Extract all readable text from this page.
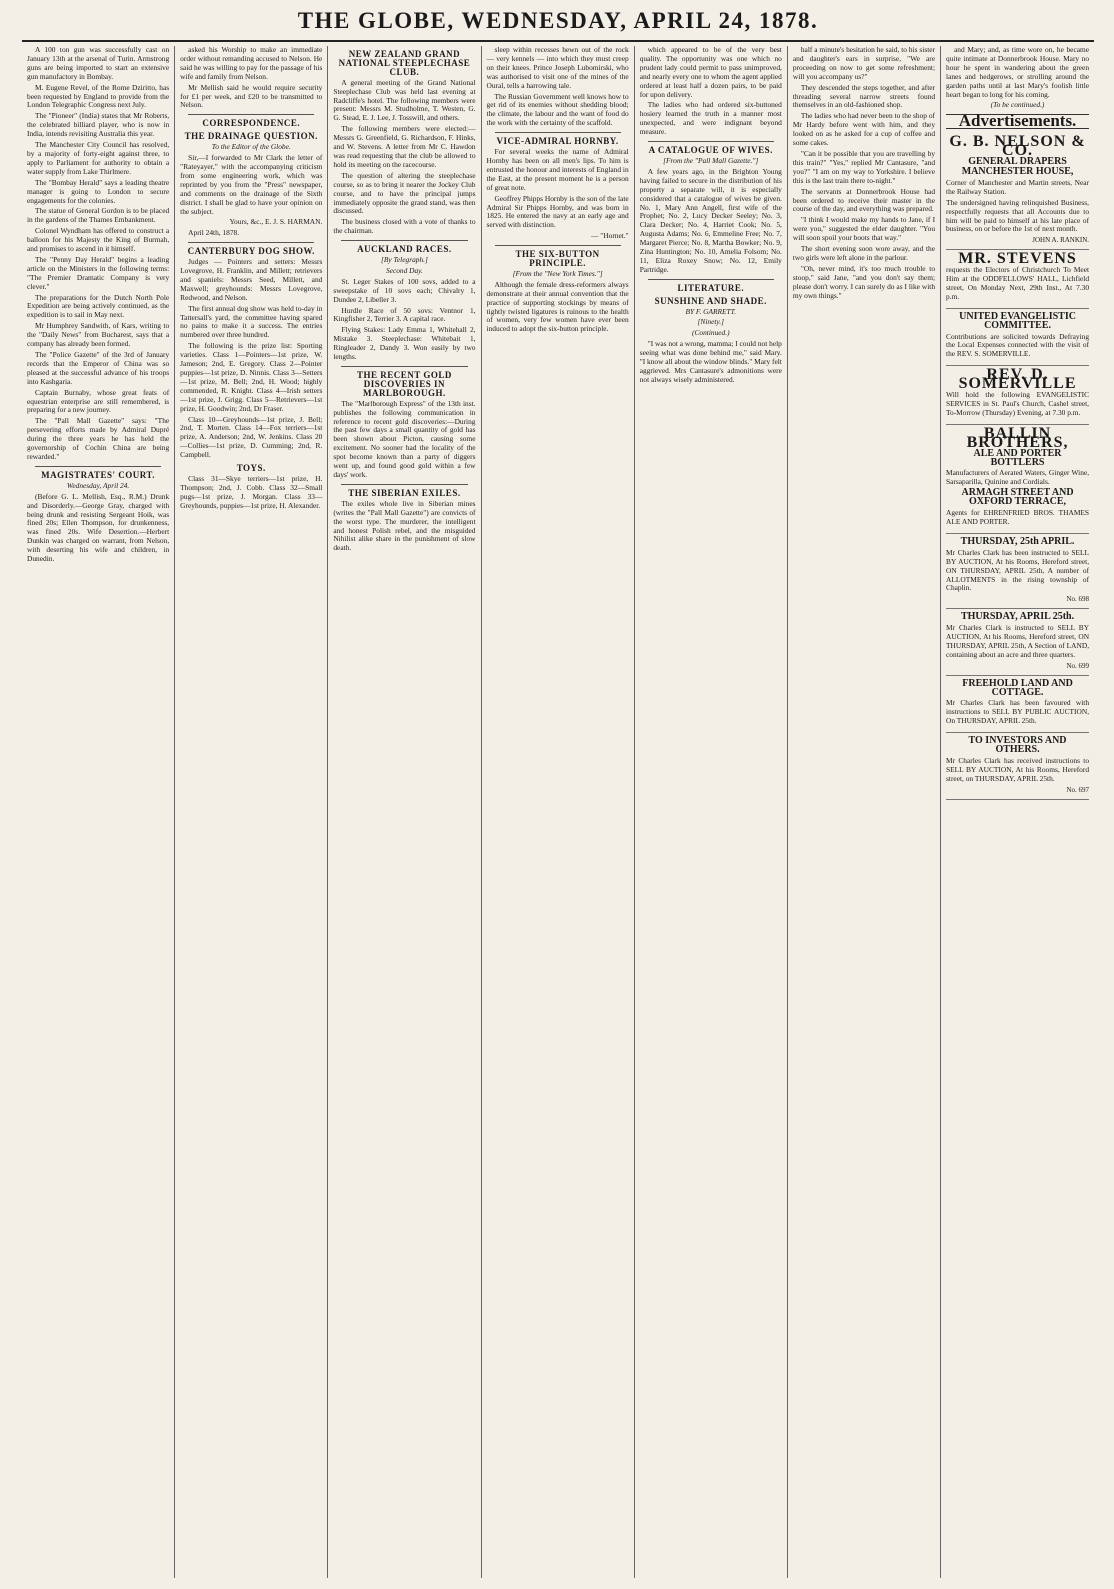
THE GLOBE, WEDNESDAY, APRIL 24, 1878.

A 100 ton gun was successfully cast on January 13th at the arsenal of Turin. Armstrong guns are being imported to start an extensive gun manufactory in Bombay.

M. Eugene Revel, of the Rome Dziritto, has been requested by England to provide from the London Telegraphic Congress next July.

The "Pioneer" (India) states that Mr Roberts, the celebrated billiard player, who is now in India, intends revisiting Australia this year.

The Manchester City Council has resolved, by a majority of forty-eight against three, to apply to Parliament for authority to obtain a water supply from Lake Thirlmere.

The "Bombay Herald" says a leading theatre manager is going to London to secure engagements for the colonies.

The statue of General Gordon is to be placed in the gardens of the Thames Embankment.

Colonel Wyndham has offered to construct a balloon for his Majesty the King of Burmah, and promises to ascend in it himself.

The "Penny Day Herald" begins a leading article on the Ministers in the following terms: "The Premier Dramatic Company is very clever."

The preparations for the Dutch North Pole Expedition are being actively continued, as the expedition is to sail in May next.

Mr Humphrey Sandwith, of Kars, writing to the "Daily News" from Bucharest, says that a company has already been formed.

The "Police Gazette" of the 3rd of January records that the Emperor of China was so pleased at the successful advance of his troops into Kashgaria.

Captain Burnaby, whose great feats of equestrian enterprise are still remembered, is preparing for a new journey.

The "Pall Mall Gazette" says: "The persevering efforts made by Admiral Dupré during the three years he has held the governorship of Cochin China are being rewarded."

MAGISTRATES' COURT.
Wednesday, April 24.

(Before G. L. Mellish, Esq., R.M.) Drunk and Disorderly.—George Gray, charged with being drunk and resisting Sergeant Hoik, was fined 20s; Ellen Thompson, for drunkenness, was fined 20s. Wife Desertion.—Herbert Dunkin was charged on warrant, from Nelson, with deserting his wife and children, in Dunedin.

asked his Worship to make an immediate order without remanding accused to Nelson. He said he was willing to pay for the passage of his wife and family from Nelson.

Mr Mellish said he would require security for £1 per week, and £20 to be transmitted to Nelson.

CORRESPONDENCE.
THE DRAINAGE QUESTION.
To the Editor of the Globe.

Sir,—I forwarded to Mr Clark the letter of "Rateyayer," with the accompanying criticism from some engineering work, which was reprinted by you from the "Press" newspaper, and comments on the drainage of the Sixth district. I shall be glad to have your opinion on the subject.

Yours, &c., E. J. S. HARMAN.

April 24th, 1878.

CANTERBURY DOG SHOW.

Judges — Pointers and setters: Messrs Lovegrove, H. Franklin, and Millett; retrievers and spaniels: Messrs Seed, Millett, and Maxwell; greyhounds: Messrs Lovegrove, Redwood, and Nelson.

The first annual dog show was held to-day in Tattersall's yard, the committee having spared no pains to make it a success. The entries numbered over three hundred.

The following is the prize list: Sporting varieties. Class 1—Pointers—1st prize, W. Jameson; 2nd, E. Gregory. Class 2—Pointer puppies—1st prize, D. Ninnis. Class 3—Setters—1st prize, M. Bell; 2nd, H. Wood; highly commended, R. Knight. Class 4—Irish setters—1st prize, J. Grigg. Class 5—Retrievers—1st prize, H. Goodwin; 2nd, Dr Fraser.

Class 10—Greyhounds—1st prize, J. Bell; 2nd, T. Morten. Class 14—Fox terriers—1st prize, A. Anderson; 2nd, W. Jenkins. Class 20—Collies—1st prize, D. Cumming; 2nd, R. Campbell.

TOYS.

Class 31—Skye terriers—1st prize, H. Thompson; 2nd, J. Cobb. Class 32—Small pugs—1st prize, J. Morgan. Class 33—Greyhounds, puppies—1st prize, H. Alexander.

NEW ZEALAND GRAND NATIONAL STEEPLECHASE CLUB.

A general meeting of the Grand National Steeplechase Club was held last evening at Radcliffe's hotel. The following members were present: Messrs M. Studholme, T. Westen, G. G. Stead, E. J. Lee, J. Tosswill, and others.

The following members were elected:—Messrs G. Greenfield, G. Richardson, F. Hinks, and W. Stevens. A letter from Mr C. Hawdon was read requesting that the club be allowed to hold its meeting on the racecourse.

The question of altering the steeplechase course, so as to bring it nearer the Jockey Club course, and to have the principal jumps immediately opposite the grand stand, was then discussed.

The business closed with a vote of thanks to the chairman.

AUCKLAND RACES.
[By Telegraph.]
Second Day.

St. Leger Stakes of 100 sovs, added to a sweepstake of 10 sovs each; Chivalry 1, Dundee 2, Libeller 3.

Hurdle Race of 50 sovs: Ventnor 1, Kingfisher 2, Terrier 3. A capital race.

Flying Stakes: Lady Emma 1, Whitehall 2, Mistake 3. Steeplechase: Whitebait 1, Ringleader 2, Dandy 3. Won easily by two lengths.

THE RECENT GOLD DISCOVERIES IN MARLBOROUGH.

The "Marlborough Express" of the 13th inst. publishes the following communication in reference to recent gold discoveries:—During the past few days a small quantity of gold has been shown about Picton, causing some excitement. No sooner had the locality of the spot become known than a party of diggers went up, and found good gold within a few days' work.

THE SIBERIAN EXILES.

The exiles whole live in Siberian mines (writes the "Pall Mall Gazette") are convicts of the worst type. The murderer, the intelligent and honest Polish rebel, and the misguided Nihilist alike share in the punishment of slow death.

sleep within recesses hewn out of the rock — very kennels — into which they must creep on their knees. Prince Joseph Lubomirski, who was authorised to visit one of the mines of the Oural, tells a harrowing tale.

The Russian Government well knows how to get rid of its enemies without shedding blood; the climate, the labour and the want of food do the work with the certainty of the scaffold.

VICE-ADMIRAL HORNBY.

For several weeks the name of Admiral Hornby has been on all men's lips. To him is entrusted the honour and interests of England in the East, at the present moment he is a person of great note.

Geoffrey Phipps Hornby is the son of the late Admiral Sir Phipps Hornby, and was born in 1825. He entered the navy at an early age and served with distinction.

— "Hornet."

THE SIX-BUTTON PRINCIPLE.
[From the "New York Times."]

Although the female dress-reformers always demonstrate at their annual convention that the practice of supporting stockings by means of tightly twisted ligatures is ruinous to the health of women, very few women have ever been induced to adopt the six-button principle.

which appeared to be of the very best quality. The opportunity was one which no prudent lady could permit to pass unimproved, and nearly every one to whom the agent applied ordered at least half a dozen pairs, to be paid for upon delivery.

The ladies who had ordered six-buttoned hosiery learned the truth in a manner most unexpected, and were indignant beyond measure.

A CATALOGUE OF WIVES.
[From the "Pall Mall Gazette."]

A few years ago, in the Brighton Young having failed to secure in the distribution of his property a separate will, it is especially considered that a catalogue of wives be given. No. 1, Mary Ann Angell, first wife of the Prophet; No. 2, Lucy Decker Seeley; No. 3, Clara Decker; No. 4, Harriet Cook; No. 5, Augusta Adams; No. 6, Emmeline Free; No. 7, Margaret Pierce; No. 8, Martha Bowker; No. 9, Zina Huntington; No. 10, Amelia Folsom; No. 11, Eliza Roxey Snow; No. 12, Emily Partridge.

LITERATURE.
SUNSHINE AND SHADE.
BY F. GARRETT.
[Ninety.]
(Continued.)

"I was not a wrong, mamma; I could not help seeing what was done behind me," said Mary. "I know all about the window blinds." Mary felt aggrieved. Mrs Cantasure's admonitions were not always wisely administered.

half a minute's hesitation he said, to his sister and daughter's ears in surprise, "We are proceeding on now to get some refreshment; will you accompany us?"

They descended the steps together, and after threading several narrow streets found themselves in an old-fashioned shop.

The ladies who had never been to the shop of Mr Hardy before went with him, and they looked on as he asked for a cup of coffee and some cakes.

"Can it be possible that you are travelling by this train?" "Yes," replied Mr Cantasure, "and you?" "I am on my way to Yorkshire. I believe this is the last train there to-night."

The servants at Donnerbrook House had been ordered to receive their master in the course of the day, and everything was prepared.

"I think I would make my hands to Jane, if I were you," suggested the elder daughter. "You will soon spoil your boots that way."

The short evening soon wore away, and the two girls were left alone in the parlour.

"Oh, never mind, it's too much trouble to stoop," said Jane, "and you don't say them; please don't worry. I can surely do as I like with my own things."

and Mary; and, as time wore on, he became quite intimate at Donnerbrook House. Mary no hour he spent in wandering about the green lanes and hedgerows, or strolling around the garden paths until at last Mary's foolish little heart began to long for his coming.

(To be continued.)
Advertisements.
G. B. NELSON & CO.
GENERAL DRAPERS
MANCHESTER HOUSE,
Corner of Manchester and Martin streets, Near the Railway Station.
The undersigned having relinquished Business, respectfully requests that all Accounts due to him will be paid to himself at his late place of business, on or before the 1st of next month.
JOHN A. RANKIN.
MR. STEVENS
requests the Electors of Christchurch To Meet Him at the ODDFELLOWS' HALL, Lichfield street, On Monday Next, 29th Inst., At 7.30 p.m.
UNITED EVANGELISTIC COMMITTEE.
Contributions are solicited towards Defraying the Local Expenses connected with the visit of the REV. S. SOMERVILLE.
REV. D. SOMERVILLE
Will hold the following EVANGELISTIC SERVICES in St. Paul's Church, Cashel street, To-Morrow (Thursday) Evening, at 7.30 p.m.
BALLIN BROTHERS,
ALE AND PORTER BOTTLERS
Manufacturers of Aerated Waters, Ginger Wine, Sarsaparilla, Quinine and Cordials.
ARMAGH STREET AND OXFORD TERRACE,
Agents for EHRENFRIED BROS. THAMES ALE AND PORTER.
THURSDAY, 25th APRIL.
Mr Charles Clark has been instructed to SELL BY AUCTION, At his Rooms, Hereford street, ON THURSDAY, APRIL 25th, A number of ALLOTMENTS in the rising township of Chaplin.
No. 698
THURSDAY, APRIL 25th.
Mr Charles Clark is instructed to SELL BY AUCTION, At his Rooms, Hereford street, ON THURSDAY, APRIL 25th, A Section of LAND, containing about an acre and three quarters.
No. 699
FREEHOLD LAND AND COTTAGE.
Mr Charles Clark has been favoured with instructions to SELL BY PUBLIC AUCTION, On THURSDAY, APRIL 25th.
TO INVESTORS AND OTHERS.
Mr Charles Clark has received instructions to SELL BY AUCTION, At his Rooms, Hereford street, on THURSDAY, APRIL 25th.
No. 697
